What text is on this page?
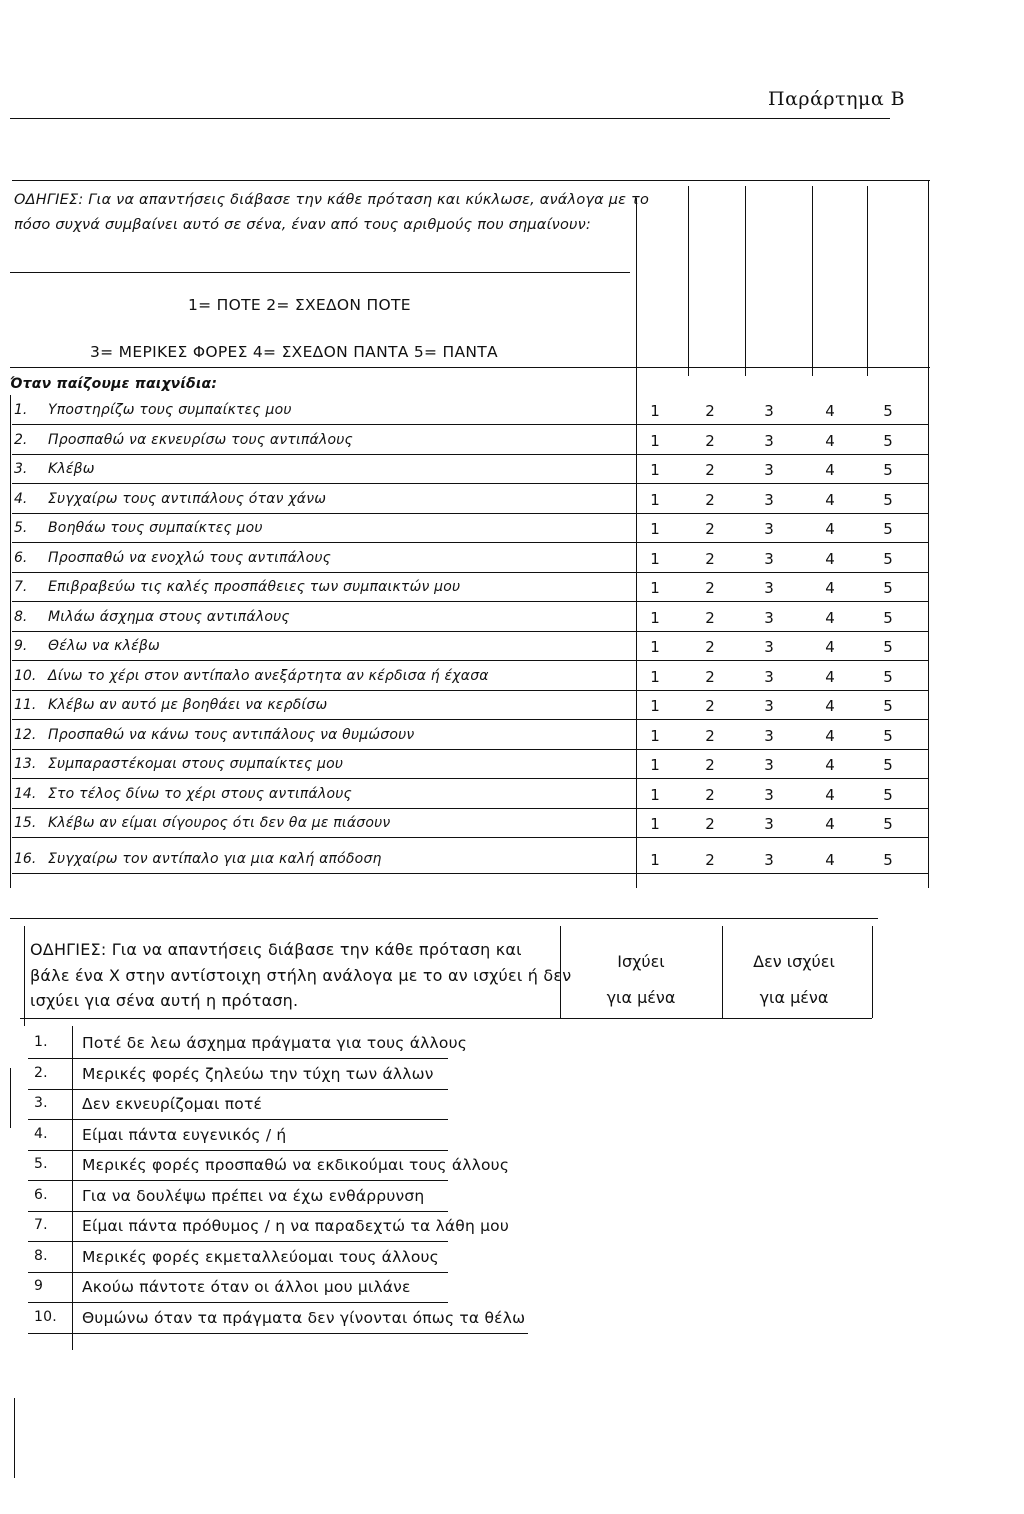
Παράρτημα Β
ΟΔΗΓΙΕΣ: Για να απαντήσεις διάβασε την κάθε πρόταση και κύκλωσε, ανάλογα με το
πόσο συχνά συμβαίνει αυτό σε σένα, έναν από τους αριθμούς που σημαίνουν:
1= ΠΟΤΕ 2= ΣΧΕΔΟΝ ΠΟΤΕ
3= ΜΕΡΙΚΕΣ ΦΟΡΕΣ 4= ΣΧΕΔΟΝ ΠΑΝΤΑ 5= ΠΑΝΤΑ
Όταν παίζουμε παιχνίδια:
1. Υποστηρίζω τους συμπαίκτες μου	1	2	3	4	5
2. Προσπαθώ να εκνευρίσω τους αντιπάλους	1	2	3	4	5
3. Κλέβω	1	2	3	4	5
4. Συγχαίρω τους αντιπάλους όταν χάνω	1	2	3	4	5
5. Βοηθάω τους συμπαίκτες μου	1	2	3	4	5
6. Προσπαθώ να ενοχλώ τους αντιπάλους	1	2	3	4	5
7. Επιβραβεύω τις καλές προσπάθειες των συμπαικτών μου	1	2	3	4	5
8. Μιλάω άσχημα στους αντιπάλους	1	2	3	4	5
9. Θέλω να κλέβω	1	2	3	4	5
10. Δίνω το χέρι στον αντίπαλο ανεξάρτητα αν κέρδισα ή έχασα	1	2	3	4	5
11. Κλέβω αν αυτό με βοηθάει να κερδίσω	1	2	3	4	5
12. Προσπαθώ να κάνω τους αντιπάλους να θυμώσουν	1	2	3	4	5
13. Συμπαραστέκομαι στους συμπαίκτες μου	1	2	3	4	5
14. Στο τέλος δίνω το χέρι στους αντιπάλους	1	2	3	4	5
15. Κλέβω αν είμαι σίγουρος ότι δεν θα με πιάσουν	1	2	3	4	5
16. Συγχαίρω τον αντίπαλο για μια καλή απόδοση	1	2	3	4	5
ΟΔΗΓΙΕΣ: Για να απαντήσεις διάβασε την κάθε πρόταση και
βάλε ένα Χ στην αντίστοιχη στήλη ανάλογα με το αν ισχύει ή δεν
ισχύει για σένα αυτή η πρόταση.
Ισχύει
για μένα
Δεν ισχύει
για μένα
1. Ποτέ δε λεω άσχημα πράγματα για τους άλλους
2. Μερικές φορές ζηλεύω την τύχη των άλλων
3. Δεν εκνευρίζομαι ποτέ
4. Είμαι πάντα ευγενικός / ή
5. Μερικές φορές προσπαθώ να εκδικούμαι τους άλλους
6. Για να δουλέψω πρέπει να έχω ενθάρρυνση
7. Είμαι πάντα πρόθυμος / η να παραδεχτώ τα λάθη μου
8. Μερικές φορές εκμεταλλεύομαι τους άλλους
9	Ακούω πάντοτε όταν οι άλλοι μου μιλάνε
10. Θυμώνω όταν τα πράγματα δεν γίνονται όπως τα θέλω
